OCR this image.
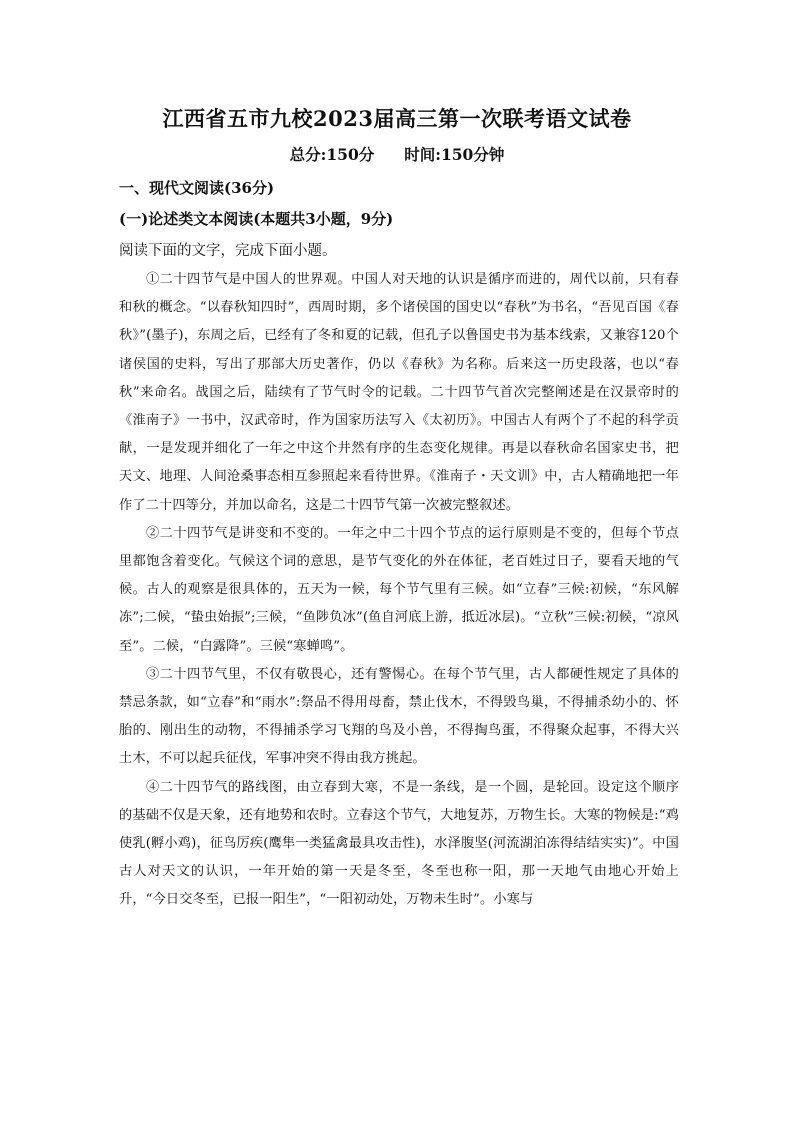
江西省五市九校2023届高三第一次联考语文试卷
总分:150分 时间:150分钟
一、现代文阅读(36分)
(一)论述类文本阅读(本题共3小题，9分)
阅读下面的文字，完成下面小题。

①二十四节气是中国人的世界观。中国人对天地的认识是循序而进的，周代以前，只有春和秋的概念。“以春秋知四时”，西周时期，多个诸侯国的国史以“春秋”为书名，“吾见百国《春秋》”(墨子)，东周之后，已经有了冬和夏的记载，但孔子以鲁国史书为基本线索，又兼容120个诸侯国的史料，写出了那部大历史著作，仍以《春秋》为名称。后来这一历史段落，也以“春秋”来命名。战国之后，陆续有了节气时令的记载。二十四节气首次完整阐述是在汉景帝时的《淮南子》一书中，汉武帝时，作为国家历法写入《太初历》。中国古人有两个了不起的科学贡献，一是发现并细化了一年之中这个井然有序的生态变化规律。再是以春秋命名国家史书，把天文、地理、人间沧桑事态相互参照起来看待世界。《淮南子・天文训》中，古人精确地把一年作了二十四等分，并加以命名，这是二十四节气第一次被完整叙述。

②二十四节气是讲变和不变的。一年之中二十四个节点的运行原则是不变的，但每个节点里都饱含着变化。气候这个词的意思，是节气变化的外在体征，老百姓过日子，要看天地的气候。古人的观察是很具体的，五天为一候，每个节气里有三候。如“立春”三候:初候，“东风解冻”;二候，“蛰虫始振”;三候，“鱼陟负冰”(鱼自河底上游，抵近冰层)。“立秋”三候:初候，“凉风至”。二候，“白露降”。三候“寒蝉鸣”。

③二十四节气里，不仅有敬畏心，还有警惕心。在每个节气里，古人都硬性规定了具体的禁忌条款，如“立春”和“雨水”:祭品不得用母畜，禁止伐木，不得毁鸟巢，不得捕杀幼小的、怀胎的、刚出生的动物，不得捕杀学习飞翔的鸟及小兽，不得掏鸟蛋，不得聚众起事，不得大兴土木，不可以起兵征伐，军事冲突不得由我方挑起。

④二十四节气的路线图，由立春到大寒，不是一条线，是一个圆，是轮回。设定这个顺序的基础不仅是天象，还有地势和农时。立春这个节气，大地复苏，万物生长。大寒的物候是:“鸡使乳(孵小鸡)，征鸟厉疾(鹰隼一类猛禽最具攻击性)，水泽腹坚(河流湖泊冻得结结实实)”。中国古人对天文的认识，一年开始的第一天是冬至，冬至也称一阳，那一天地气由地心开始上升，“今日交冬至，已报一阳生”，“一阳初动处，万物未生时”。小寒与
